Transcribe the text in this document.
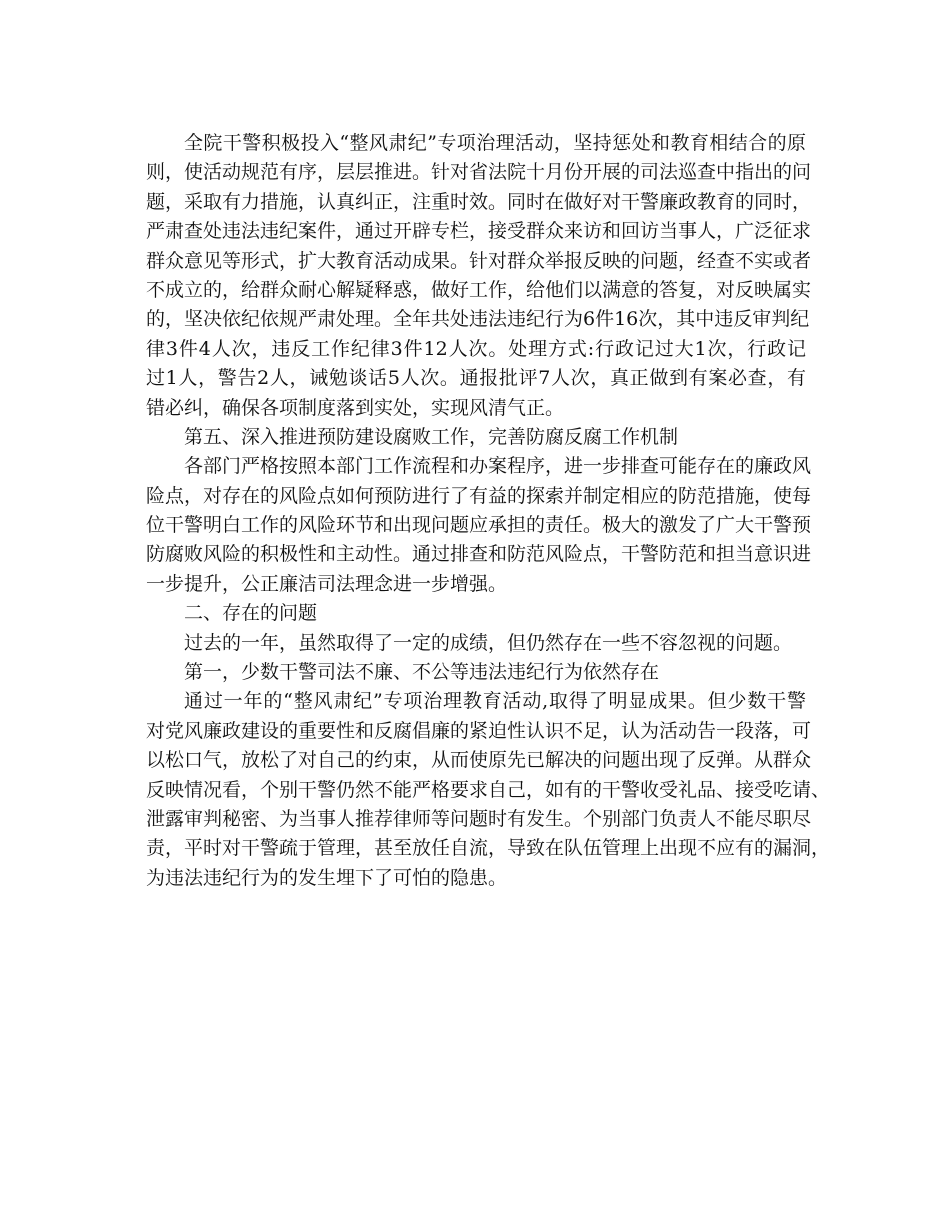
全院干警积极投入“整风肃纪”专项治理活动，坚持惩处和教育相结合的原
则，使活动规范有序，层层推进。针对省法院十月份开展的司法巡查中指出的问
题，采取有力措施，认真纠正，注重时效。同时在做好对干警廉政教育的同时，
严肃查处违法违纪案件，通过开辟专栏，接受群众来访和回访当事人，广泛征求
群众意见等形式，扩大教育活动成果。针对群众举报反映的问题，经查不实或者
不成立的，给群众耐心解疑释惑，做好工作，给他们以满意的答复，对反映属实
的，坚决依纪依规严肃处理。全年共处违法违纪行为6件16次，其中违反审判纪
律3件4人次，违反工作纪律3件12人次。处理方式:行政记过大1次，行政记
过1人，警告2人，诫勉谈话5人次。通报批评7人次，真正做到有案必查，有
错必纠，确保各项制度落到实处，实现风清气正。
第五、深入推进预防建设腐败工作，完善防腐反腐工作机制
各部门严格按照本部门工作流程和办案程序，进一步排查可能存在的廉政风
险点，对存在的风险点如何预防进行了有益的探索并制定相应的防范措施，使每
位干警明白工作的风险环节和出现问题应承担的责任。极大的激发了广大干警预
防腐败风险的积极性和主动性。通过排查和防范风险点，干警防范和担当意识进
一步提升，公正廉洁司法理念进一步增强。
二、存在的问题
过去的一年，虽然取得了一定的成绩，但仍然存在一些不容忽视的问题。
第一，少数干警司法不廉、不公等违法违纪行为依然存在
通过一年的“整风肃纪”专项治理教育活动,取得了明显成果。但少数干警
对党风廉政建设的重要性和反腐倡廉的紧迫性认识不足，认为活动告一段落，可
以松口气，放松了对自己的约束，从而使原先已解决的问题出现了反弹。从群众
反映情况看，个别干警仍然不能严格要求自己，如有的干警收受礼品、接受吃请、
泄露审判秘密、为当事人推荐律师等问题时有发生。个别部门负责人不能尽职尽
责，平时对干警疏于管理，甚至放任自流，导致在队伍管理上出现不应有的漏洞，
为违法违纪行为的发生埋下了可怕的隐患。
